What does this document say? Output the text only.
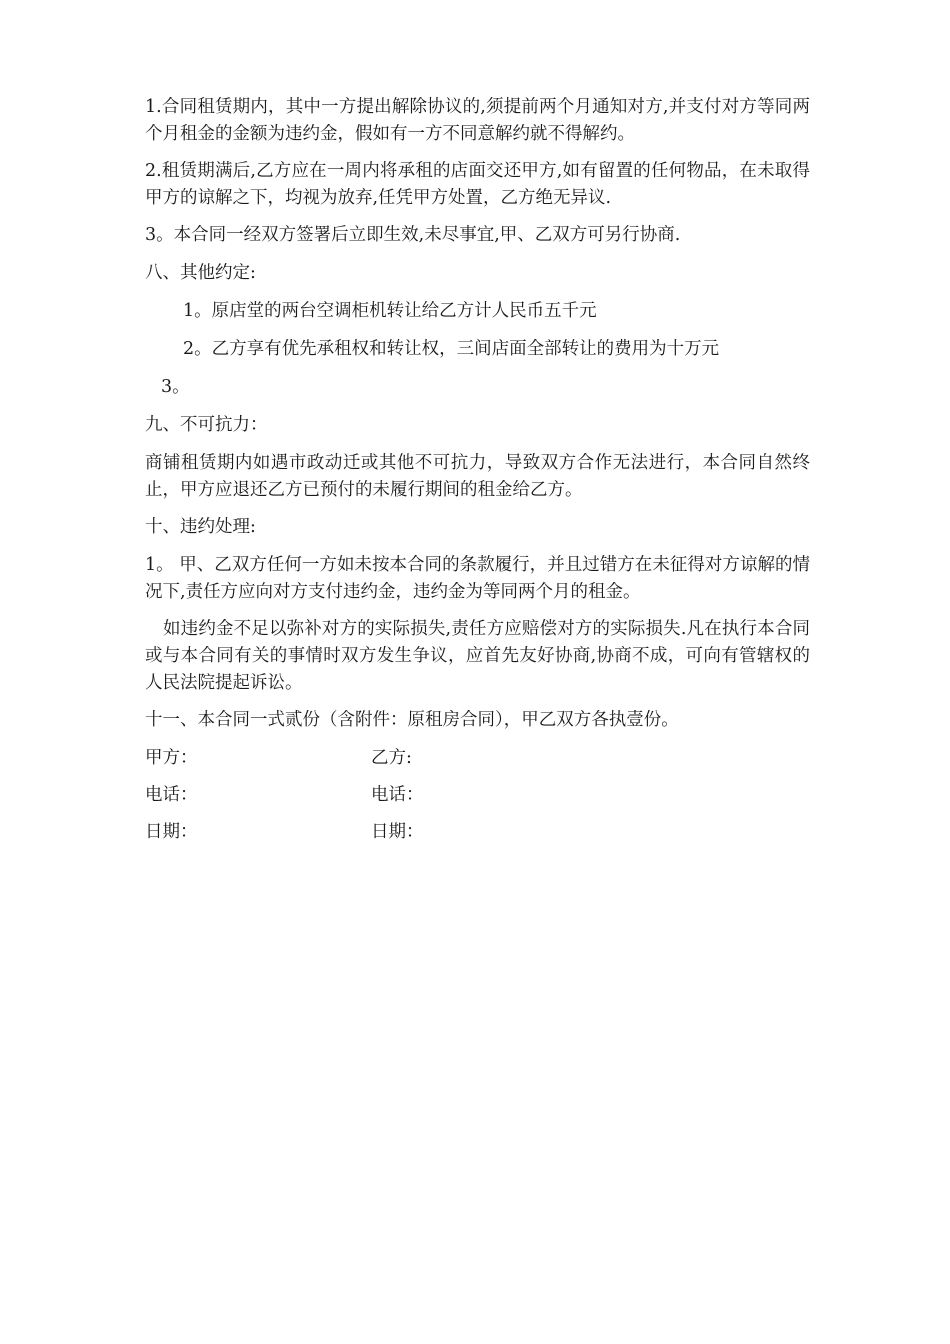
1.合同租赁期内，其中一方提出解除协议的,须提前两个月通知对方,并支付对方等同两个月租金的金额为违约金，假如有一方不同意解约就不得解约。

2.租赁期满后,乙方应在一周内将承租的店面交还甲方,如有留置的任何物品，在未取得甲方的谅解之下，均视为放弃,任凭甲方处置，乙方绝无异议.

3。本合同一经双方签署后立即生效,未尽事宜,甲、乙双方可另行协商.

八、其他约定:

1。原店堂的两台空调柜机转让给乙方计人民币五千元

2。乙方享有优先承租权和转让权，三间店面全部转让的费用为十万元

3。

九、不可抗力：

商铺租赁期内如遇市政动迁或其他不可抗力，导致双方合作无法进行，本合同自然终止，甲方应退还乙方已预付的未履行期间的租金给乙方。

十、违约处理:

1。 甲、乙双方任何一方如未按本合同的条款履行，并且过错方在未征得对方谅解的情况下,责任方应向对方支付违约金，违约金为等同两个月的租金。

如违约金不足以弥补对方的实际损失,责任方应赔偿对方的实际损失.凡在执行本合同或与本合同有关的事情时双方发生争议，应首先友好协商,协商不成，可向有管辖权的人民法院提起诉讼。

十一、本合同一式贰份（含附件：原租房合同），甲乙双方各执壹份。

甲方：	乙方:
电话：	电话：
日期：	日期：
